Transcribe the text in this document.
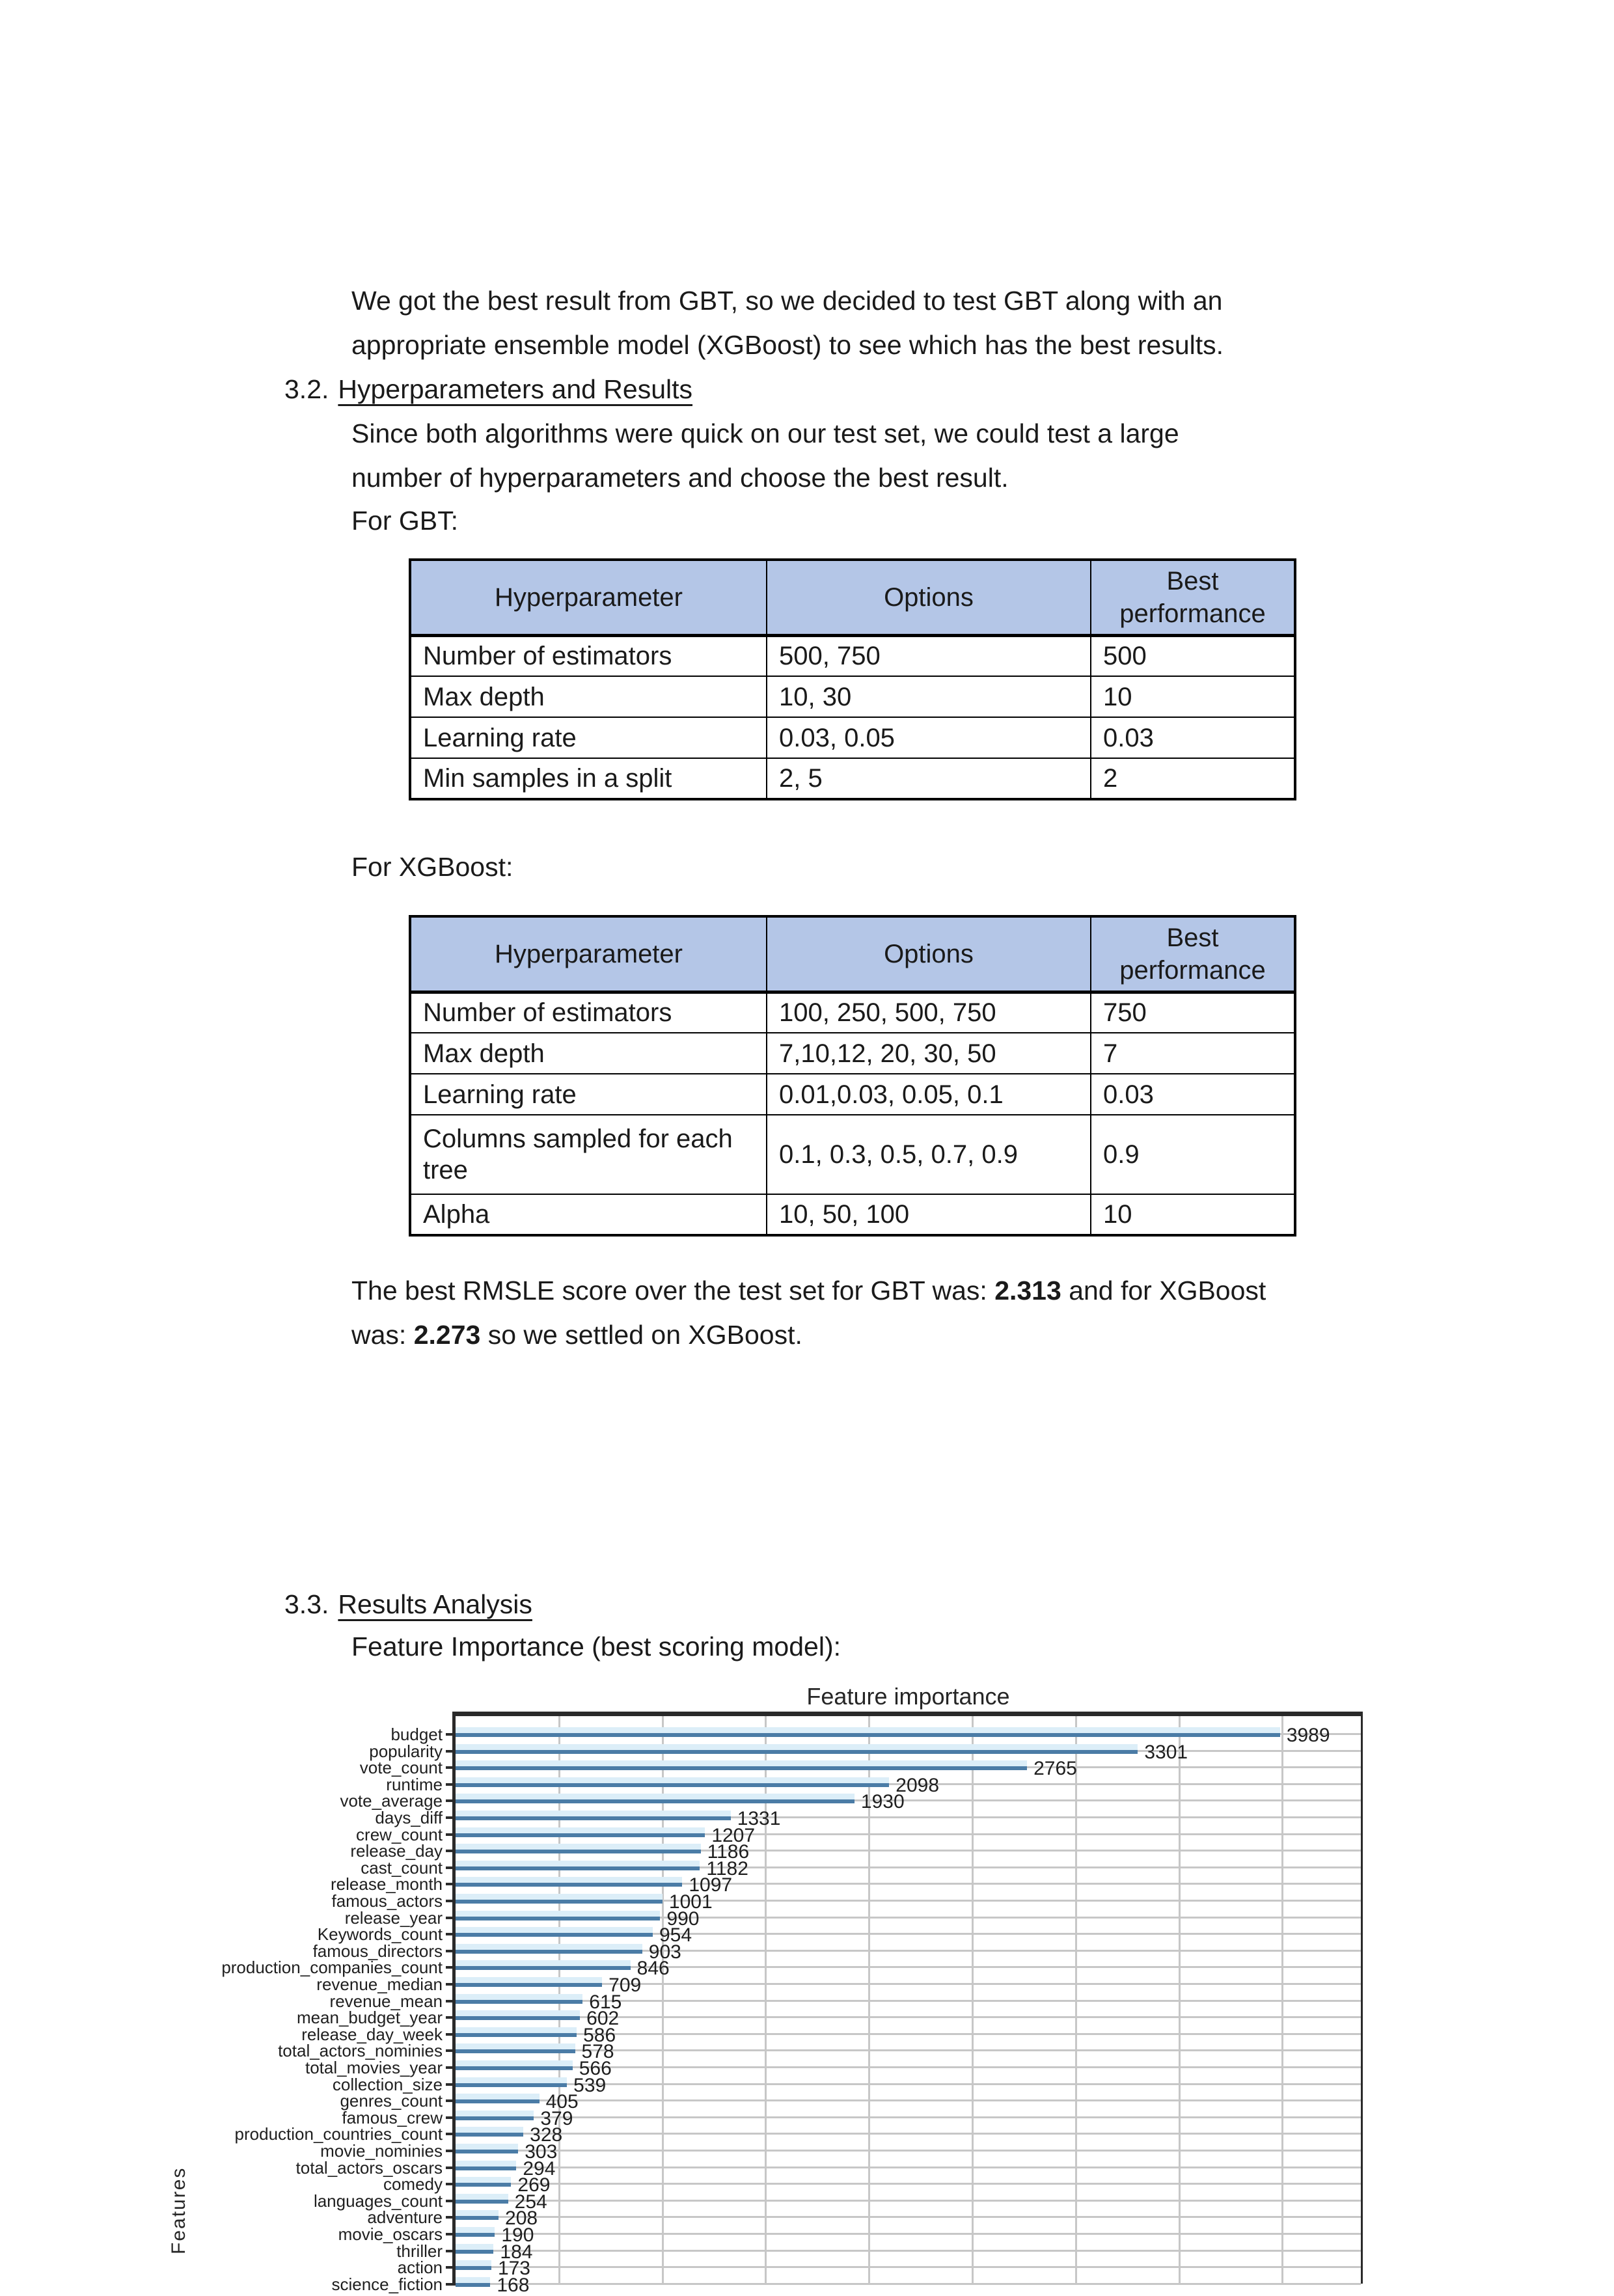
We got the best result from GBT, so we decided to test GBT along with an
appropriate ensemble model (XGBoost) to see which has the best results.
3.2. Hyperparameters and Results
Since both algorithms were quick on our test set, we could test a large
number of hyperparameters and choose the best result.
For GBT:
Hyperparameter	Options	Best performance
Number of estimators	500, 750	500
Max depth	10, 30	10
Learning rate	0.03, 0.05	0.03
Min samples in a split	2, 5	2
For XGBoost:
Hyperparameter	Options	Best performance
Number of estimators	100, 250, 500, 750	750
Max depth	7,10,12, 20, 30, 50	7
Learning rate	0.01,0.03, 0.05, 0.1	0.03
Columns sampled for each tree	0.1, 0.3, 0.5, 0.7, 0.9	0.9
Alpha	10, 50, 100	10
The best RMSLE score over the test set for GBT was: 2.313 and for XGBoost
was: 2.273 so we settled on XGBoost.
3.3. Results Analysis
Feature Importance (best scoring model):
Feature importance
Features
budget	3989
popularity	3301
vote_count	2765
runtime	2098
vote_average	1930
days_diff	1331
crew_count	1207
release_day	1186
cast_count	1182
release_month	1097
famous_actors	1001
release_year	990
Keywords_count	954
famous_directors	903
production_companies_count	846
revenue_median	709
revenue_mean	615
mean_budget_year	602
release_day_week	586
total_actors_nominies	578
total_movies_year	566
collection_size	539
genres_count	405
famous_crew	379
production_countries_count	328
movie_nominies	303
total_actors_oscars	294
comedy	269
languages_count	254
adventure	208
movie_oscars	190
thriller	184
action	173
science_fiction	168
